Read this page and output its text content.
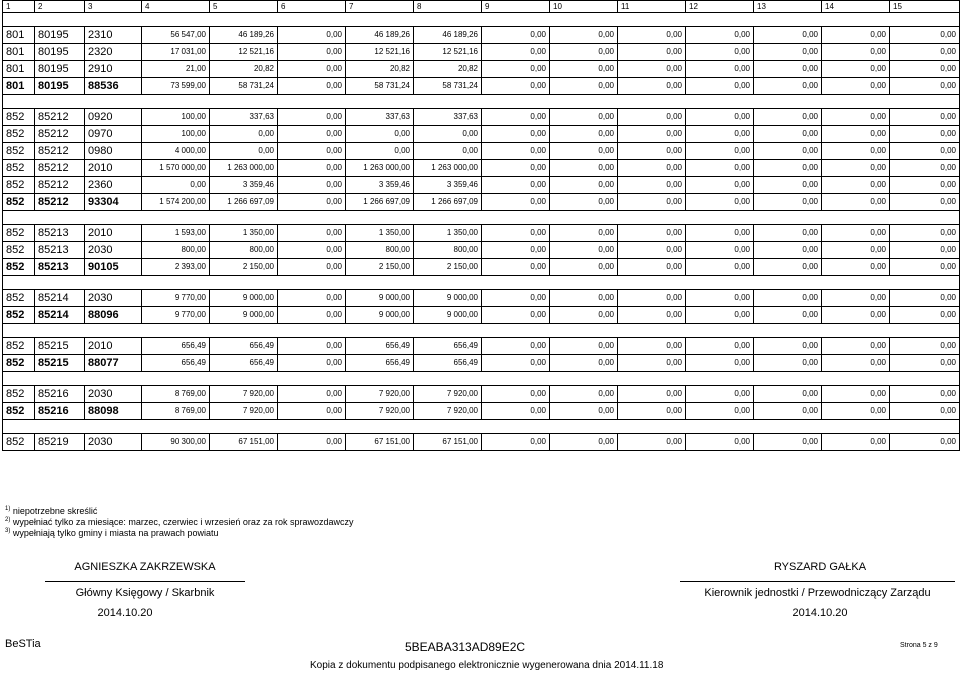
1	2	3	4	5	6	7	8	9	10	11	12	13	14	15

801	80195	2310	56 547,00	46 189,26	0,00	46 189,26	46 189,26	0,00	0,00	0,00	0,00	0,00	0,00	0,00
801	80195	2320	17 031,00	12 521,16	0,00	12 521,16	12 521,16	0,00	0,00	0,00	0,00	0,00	0,00	0,00
801	80195	2910	21,00	20,82	0,00	20,82	20,82	0,00	0,00	0,00	0,00	0,00	0,00	0,00
801	80195	88536	73 599,00	58 731,24	0,00	58 731,24	58 731,24	0,00	0,00	0,00	0,00	0,00	0,00	0,00

852	85212	0920	100,00	337,63	0,00	337,63	337,63	0,00	0,00	0,00	0,00	0,00	0,00	0,00
852	85212	0970	100,00	0,00	0,00	0,00	0,00	0,00	0,00	0,00	0,00	0,00	0,00	0,00
852	85212	0980	4 000,00	0,00	0,00	0,00	0,00	0,00	0,00	0,00	0,00	0,00	0,00	0,00
852	85212	2010	1 570 000,00	1 263 000,00	0,00	1 263 000,00	1 263 000,00	0,00	0,00	0,00	0,00	0,00	0,00	0,00
852	85212	2360	0,00	3 359,46	0,00	3 359,46	3 359,46	0,00	0,00	0,00	0,00	0,00	0,00	0,00
852	85212	93304	1 574 200,00	1 266 697,09	0,00	1 266 697,09	1 266 697,09	0,00	0,00	0,00	0,00	0,00	0,00	0,00

852	85213	2010	1 593,00	1 350,00	0,00	1 350,00	1 350,00	0,00	0,00	0,00	0,00	0,00	0,00	0,00
852	85213	2030	800,00	800,00	0,00	800,00	800,00	0,00	0,00	0,00	0,00	0,00	0,00	0,00
852	85213	90105	2 393,00	2 150,00	0,00	2 150,00	2 150,00	0,00	0,00	0,00	0,00	0,00	0,00	0,00

852	85214	2030	9 770,00	9 000,00	0,00	9 000,00	9 000,00	0,00	0,00	0,00	0,00	0,00	0,00	0,00
852	85214	88096	9 770,00	9 000,00	0,00	9 000,00	9 000,00	0,00	0,00	0,00	0,00	0,00	0,00	0,00

852	85215	2010	656,49	656,49	0,00	656,49	656,49	0,00	0,00	0,00	0,00	0,00	0,00	0,00
852	85215	88077	656,49	656,49	0,00	656,49	656,49	0,00	0,00	0,00	0,00	0,00	0,00	0,00

852	85216	2030	8 769,00	7 920,00	0,00	7 920,00	7 920,00	0,00	0,00	0,00	0,00	0,00	0,00	0,00
852	85216	88098	8 769,00	7 920,00	0,00	7 920,00	7 920,00	0,00	0,00	0,00	0,00	0,00	0,00	0,00

852	85219	2030	90 300,00	67 151,00	0,00	67 151,00	67 151,00	0,00	0,00	0,00	0,00	0,00	0,00	0,00
$^{1)}$ niepotrzebne skreślić
$^{2)}$ wypełniać tylko za miesiące: marzec, czerwiec i wrzesień oraz za rok sprawozdawczy
$^{3)}$ wypełniają tylko gminy i miasta na prawach powiatu
AGNIESZKA ZAKRZEWSKA
Główny Księgowy / Skarbnik
2014.10.20
RYSZARD GAŁKA
Kierownik jednostki / Przewodniczący Zarządu
2014.10.20
BeSTia	5BEABA313AD89E2C	Strona 5 z 9
Kopia z dokumentu podpisanego elektronicznie wygenerowana dnia 2014.11.18
